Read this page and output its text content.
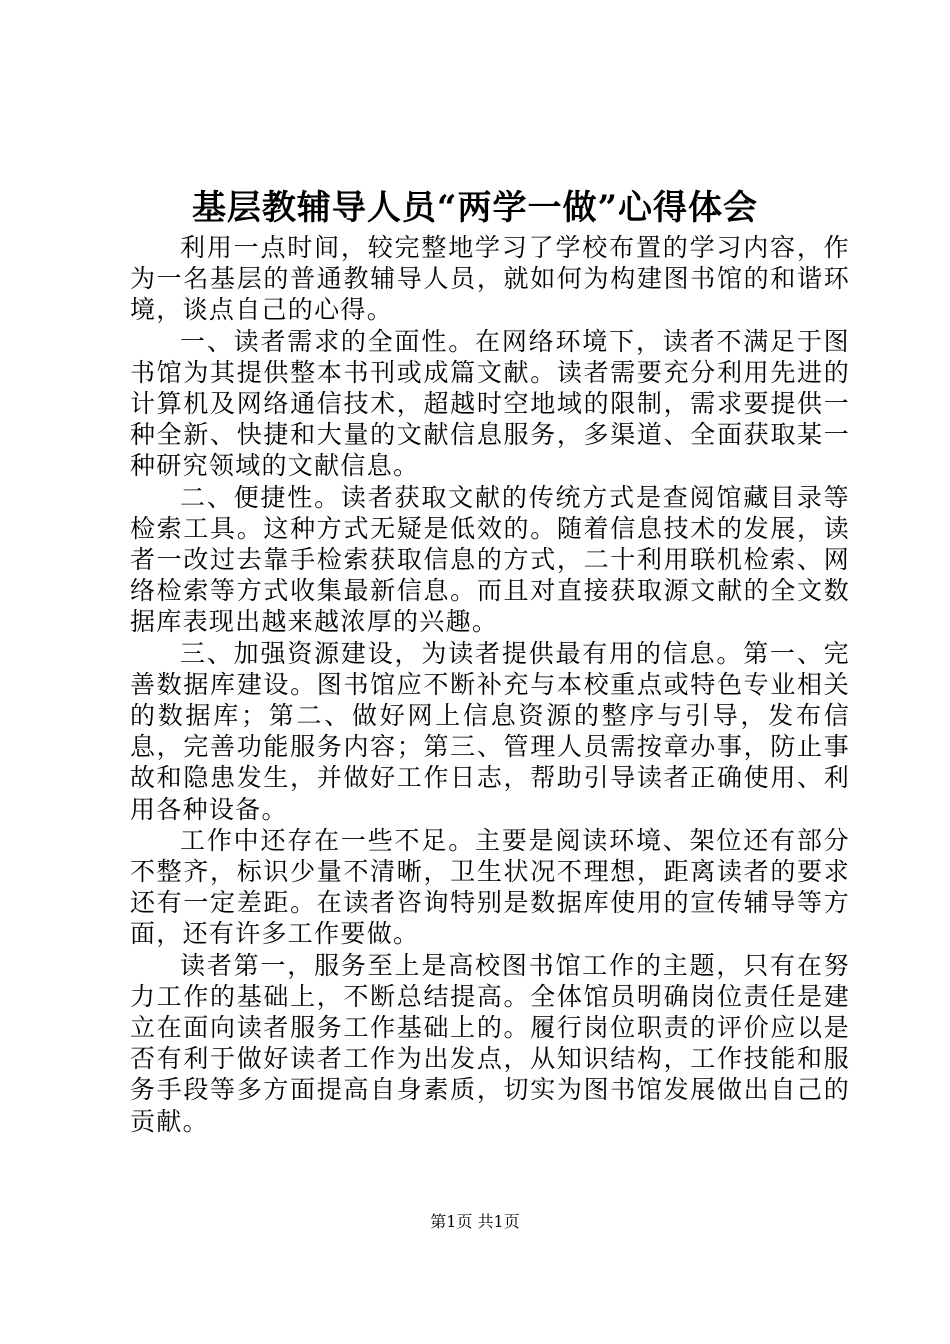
基层教辅导人员“两学一做”心得体会

利用一点时间，较完整地学习了学校布置的学习内容，作为一名基层的普通教辅导人员，就如何为构建图书馆的和谐环境，谈点自己的心得。

一、读者需求的全面性。在网络环境下，读者不满足于图书馆为其提供整本书刊或成篇文献。读者需要充分利用先进的计算机及网络通信技术，超越时空地域的限制，需求要提供一种全新、快捷和大量的文献信息服务，多渠道、全面获取某一种研究领域的文献信息。

二、便捷性。读者获取文献的传统方式是查阅馆藏目录等检索工具。这种方式无疑是低效的。随着信息技术的发展，读者一改过去靠手检索获取信息的方式，二十利用联机检索、网络检索等方式收集最新信息。而且对直接获取源文献的全文数据库表现出越来越浓厚的兴趣。

三、加强资源建设，为读者提供最有用的信息。第一、完善数据库建设。图书馆应不断补充与本校重点或特色专业相关的数据库；第二、做好网上信息资源的整序与引导，发布信息，完善功能服务内容；第三、管理人员需按章办事，防止事故和隐患发生，并做好工作日志，帮助引导读者正确使用、利用各种设备。

工作中还存在一些不足。主要是阅读环境、架位还有部分不整齐，标识少量不清晰，卫生状况不理想，距离读者的要求还有一定差距。在读者咨询特别是数据库使用的宣传辅导等方面，还有许多工作要做。

读者第一，服务至上是高校图书馆工作的主题，只有在努力工作的基础上，不断总结提高。全体馆员明确岗位责任是建立在面向读者服务工作基础上的。履行岗位职责的评价应以是否有利于做好读者工作为出发点，从知识结构，工作技能和服务手段等多方面提高自身素质，切实为图书馆发展做出自己的贡献。

第1页 共1页
